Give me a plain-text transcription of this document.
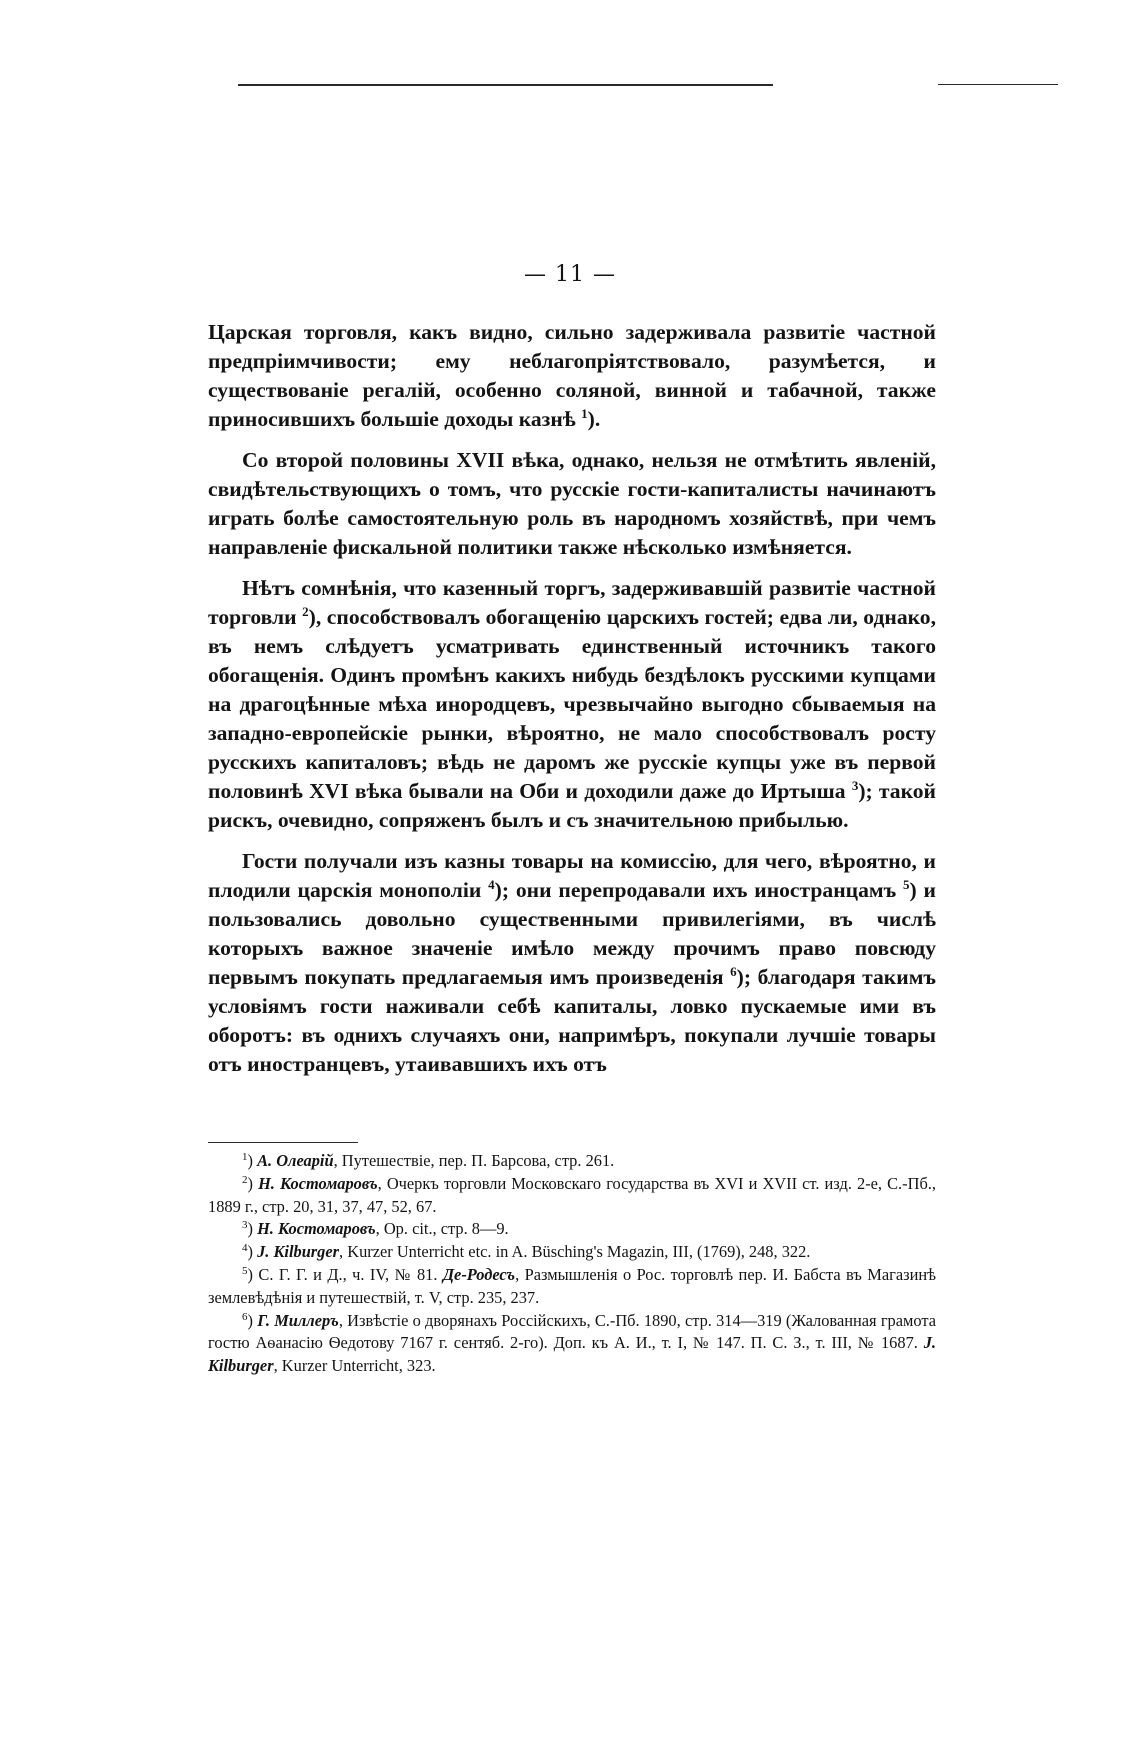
— 11 —

Царская торговля, какъ видно, сильно задерживала развитіе частной предпріимчивости; ему неблагопріятствовало, разумѣется, и существованіе регалій, особенно соляной, винной и табачной, также приносившихъ большіе доходы казнѣ $^1$).

Со второй половины XVII вѣка, однако, нельзя не отмѣтить явленій, свидѣтельствующихъ о томъ, что русскіе гости-капиталисты начинаютъ играть болѣе самостоятельную роль въ народномъ хозяйствѣ, при чемъ направленіе фискальной политики также нѣсколько измѣняется.

Нѣтъ сомнѣнія, что казенный торгъ, задерживавшій развитіе частной торговли $^2$), способствовалъ обогащенію царскихъ гостей; едва ли, однако, въ немъ слѣдуетъ усматривать единственный источникъ такого обогащенія. Одинъ промѣнъ какихъ нибудь бездѣлокъ русскими купцами на драгоцѣнные мѣха инородцевъ, чрезвычайно выгодно сбываемыя на западно-европейскіе рынки, вѣроятно, не мало способствовалъ росту русскихъ капиталовъ; вѣдь не даромъ же русскіе купцы уже въ первой половинѣ XVI вѣка бывали на Оби и доходили даже до Иртыша $^3$); такой рискъ, очевидно, сопряженъ былъ и съ значительною прибылью.

Гости получали изъ казны товары на комиссію, для чего, вѣроятно, и плодили царскія монополіи $^4$); они перепродавали ихъ иностранцамъ $^5$) и пользовались довольно существенными привилегіями, въ числѣ которыхъ важное значеніе имѣло между прочимъ право повсюду первымъ покупать предлагаемыя имъ произведенія $^6$); благодаря такимъ условіямъ гости наживали себѣ капиталы, ловко пускаемые ими въ оборотъ: въ однихъ случаяхъ они, напримѣръ, покупали лучшіе товары отъ иностранцевъ, утаивавшихъ ихъ отъ

$^1$) A. Олеарій, Путешествіе, пер. П. Барсова, стр. 261.

$^2$) Н. Костомаровъ, Очеркъ торговли Московскаго государства въ XVI и XVII ст. изд. 2-е, С.-Пб., 1889 г., стр. 20, 31, 37, 47, 52, 67.

$^3$) Н. Костомаровъ, Op. cit., стр. 8—9.

$^4$) J. Kilburger, Kurzer Unterricht etc. in A. Büsching's Magazin, III, (1769), 248, 322.

$^5$) С. Г. Г. и Д., ч. IV, № 81. Де-Родесъ, Размышленія о Рос. торговлѣ пер. И. Бабста въ Магазинѣ землевѣдѣнія и путешествій, т. V, стр. 235, 237.

$^6$) Г. Миллеръ, Извѣстіе о дворянахъ Россійскихъ, С.-Пб. 1890, стр. 314—319 (Жалованная грамота гостю Аѳанасію Ѳедотову 7167 г. сентяб. 2-го). Доп. къ А. И., т. I, № 147. П. С. З., т. III, № 1687. J. Kilburger, Kurzer Unterricht, 323.
